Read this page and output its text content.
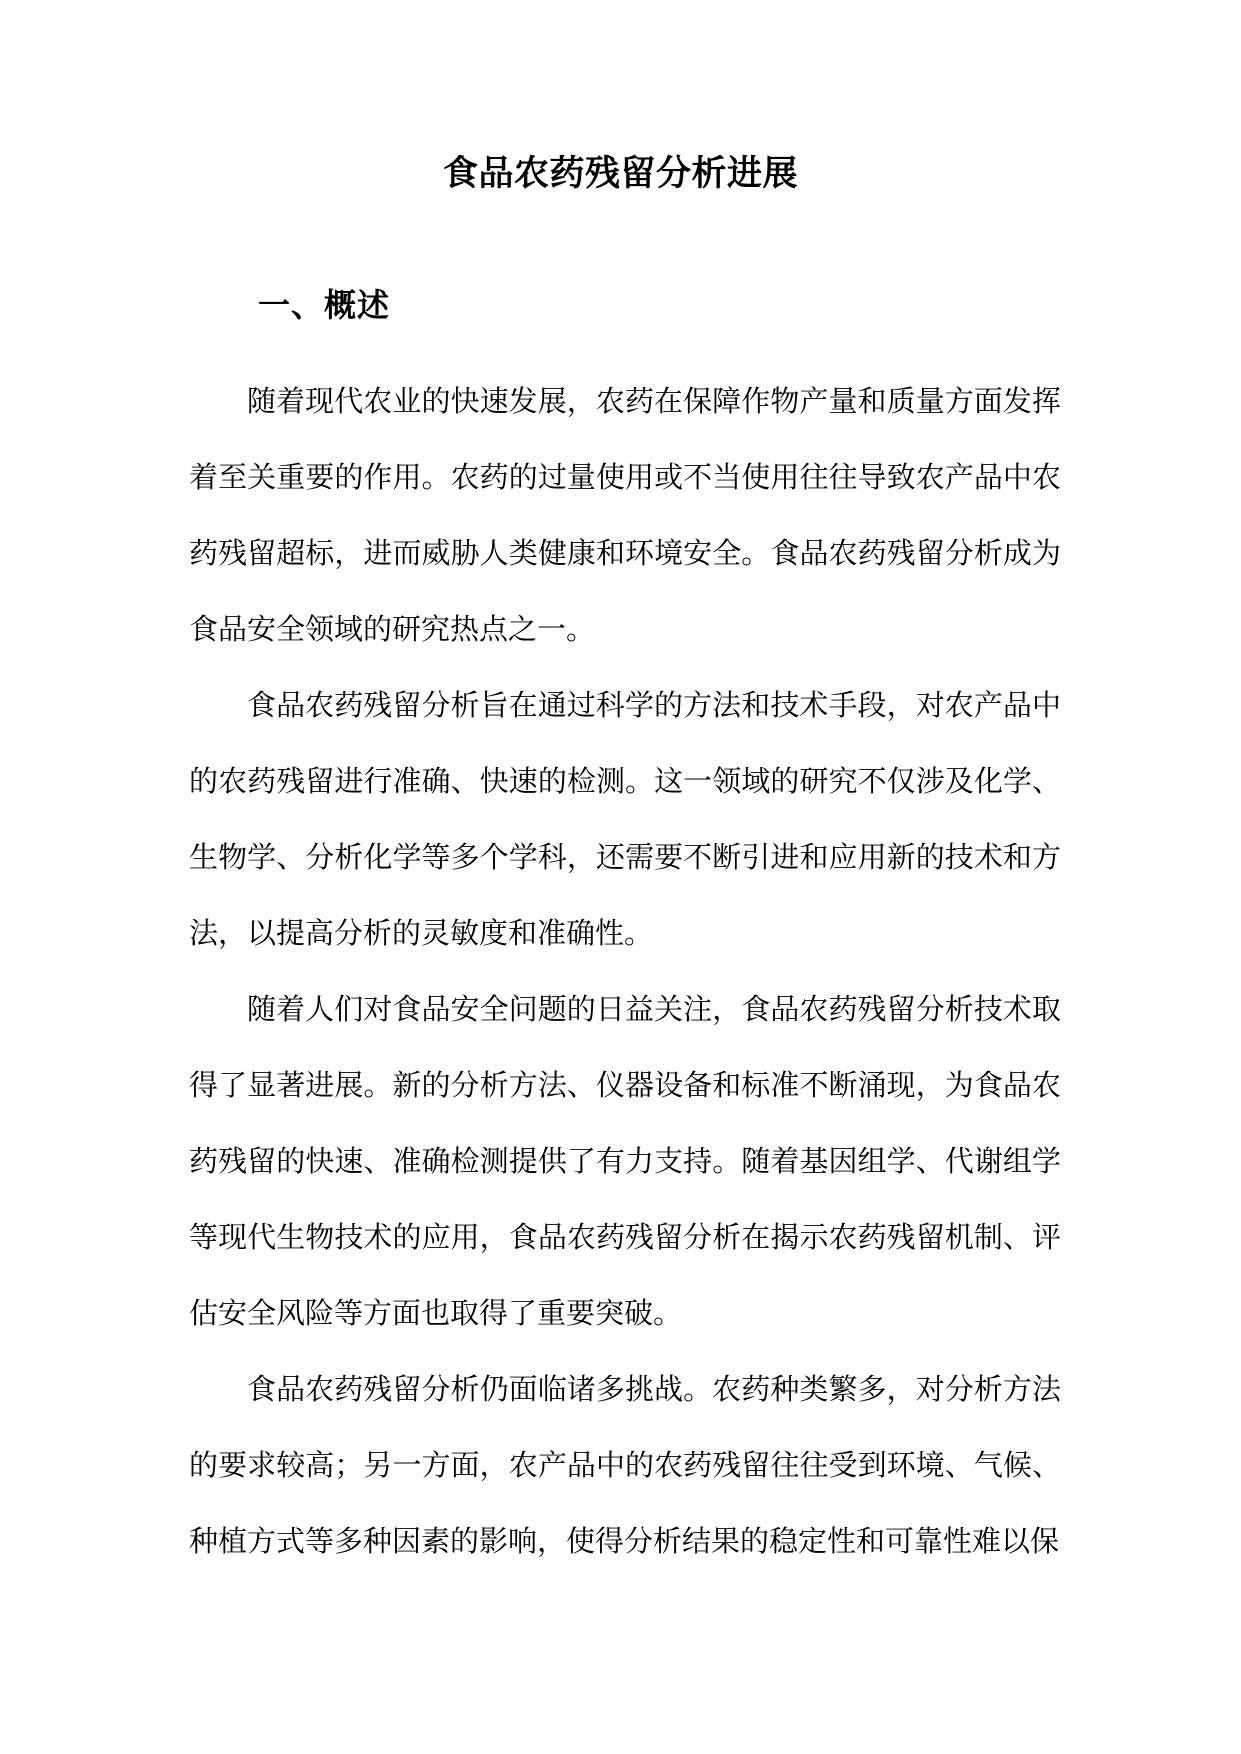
食品农药残留分析进展
一、概述

随着现代农业的快速发展，农药在保障作物产量和质量方面发挥着至关重要的作用。农药的过量使用或不当使用往往导致农产品中农药残留超标，进而威胁人类健康和环境安全。食品农药残留分析成为食品安全领域的研究热点之一。

食品农药残留分析旨在通过科学的方法和技术手段，对农产品中的农药残留进行准确、快速的检测。这一领域的研究不仅涉及化学、生物学、分析化学等多个学科，还需要不断引进和应用新的技术和方法，以提高分析的灵敏度和准确性。

随着人们对食品安全问题的日益关注，食品农药残留分析技术取得了显著进展。新的分析方法、仪器设备和标准不断涌现，为食品农药残留的快速、准确检测提供了有力支持。随着基因组学、代谢组学等现代生物技术的应用，食品农药残留分析在揭示农药残留机制、评估安全风险等方面也取得了重要突破。

食品农药残留分析仍面临诸多挑战。农药种类繁多，对分析方法的要求较高；另一方面，农产品中的农药残留往往受到环境、气候、种植方式等多种因素的影响，使得分析结果的稳定性和可靠性难以保
